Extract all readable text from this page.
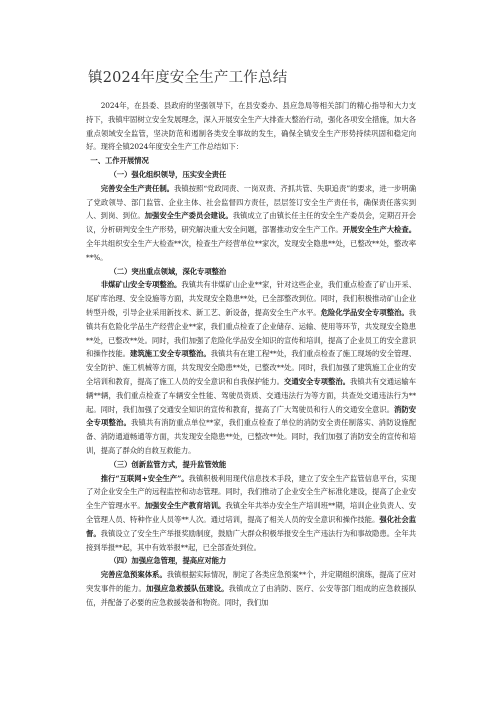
镇2024年度安全生产工作总结

2024年，在县委、县政府的坚强领导下，在县安委办、县应急局等相关部门的精心指导和大力支持下，我镇牢固树立安全发展理念，深入开展安全生产大排查大整治行动，强化各项安全措施，加大各重点领域安全监管，坚决防范和遏制各类安全事故的发生，确保全镇安全生产形势持续巩固和稳定向好。现将全镇2024年度安全生产工作总结如下：

一、工作开展情况

（一）强化组织领导，压实安全责任

完善安全生产责任制。我镇按照“党政同责、一岗双责、齐抓共管、失职追责”的要求，进一步明确了党政领导、部门监管、企业主体、社会监督四方责任，层层签订安全生产责任书，确保责任落实到人、到岗、到位。加强安全生产委员会建设。我镇成立了由镇长任主任的安全生产委员会，定期召开会议，分析研判安全生产形势，研究解决重大安全问题，部署推动安全生产工作。开展安全生产大检查。全年共组织安全生产大检查**次，检查生产经营单位**家次，发现安全隐患**处，已整改**处，整改率**%。

（二）突出重点领域，深化专项整治

非煤矿山安全专项整治。我镇共有非煤矿山企业**家，针对这些企业，我们重点检查了矿山开采、尾矿库治理、安全设施等方面，共发现安全隐患**处，已全部整改到位。同时，我们积极推动矿山企业转型升级，引导企业采用新技术、新工艺、新设备，提高安全生产水平。危险化学品安全专项整治。我镇共有危险化学品生产经营企业**家，我们重点检查了企业储存、运输、使用等环节，共发现安全隐患**处，已整改**处。同时，我们加强了危险化学品安全知识的宣传和培训，提高了企业员工的安全意识和操作技能。建筑施工安全专项整治。我镇共有在建工程**处，我们重点检查了施工现场的安全管理、安全防护、施工机械等方面，共发现安全隐患**处，已整改**处。同时，我们加强了建筑施工企业的安全培训和教育，提高了施工人员的安全意识和自我保护能力。交通安全专项整治。我镇共有交通运输车辆**辆，我们重点检查了车辆安全性能、驾驶员资质、交通违法行为等方面，共查处交通违法行为**起。同时，我们加强了交通安全知识的宣传和教育，提高了广大驾驶员和行人的交通安全意识。消防安全专项整治。我镇共有消防重点单位**家，我们重点检查了单位的消防安全责任制落实、消防设施配备、消防通道畅通等方面，共发现安全隐患**处，已整改**处。同时，我们加强了消防安全的宣传和培训，提高了群众的自救互救能力。

（三）创新监管方式，提升监管效能

推行“互联网+安全生产”。我镇积极利用现代信息技术手段，建立了安全生产监管信息平台，实现了对企业安全生产的远程监控和动态管理。同时，我们推动了企业安全生产标准化建设，提高了企业安全生产管理水平。加强安全生产教育培训。我镇全年共举办安全生产培训班**期，培训企业负责人、安全管理人员、特种作业人员等**人次。通过培训，提高了相关人员的安全意识和操作技能。强化社会监督。我镇设立了安全生产举报奖励制度，鼓励广大群众积极举报安全生产违法行为和事故隐患。全年共接到举报**起，其中有效举报**起，已全部查处到位。

（四）加强应急管理，提高应对能力

完善应急预案体系。我镇根据实际情况，制定了各类应急预案**个，并定期组织演练，提高了应对突发事件的能力。加强应急救援队伍建设。我镇成立了由消防、医疗、公安等部门组成的应急救援队伍，并配备了必要的应急救援装备和物资。同时，我们加
